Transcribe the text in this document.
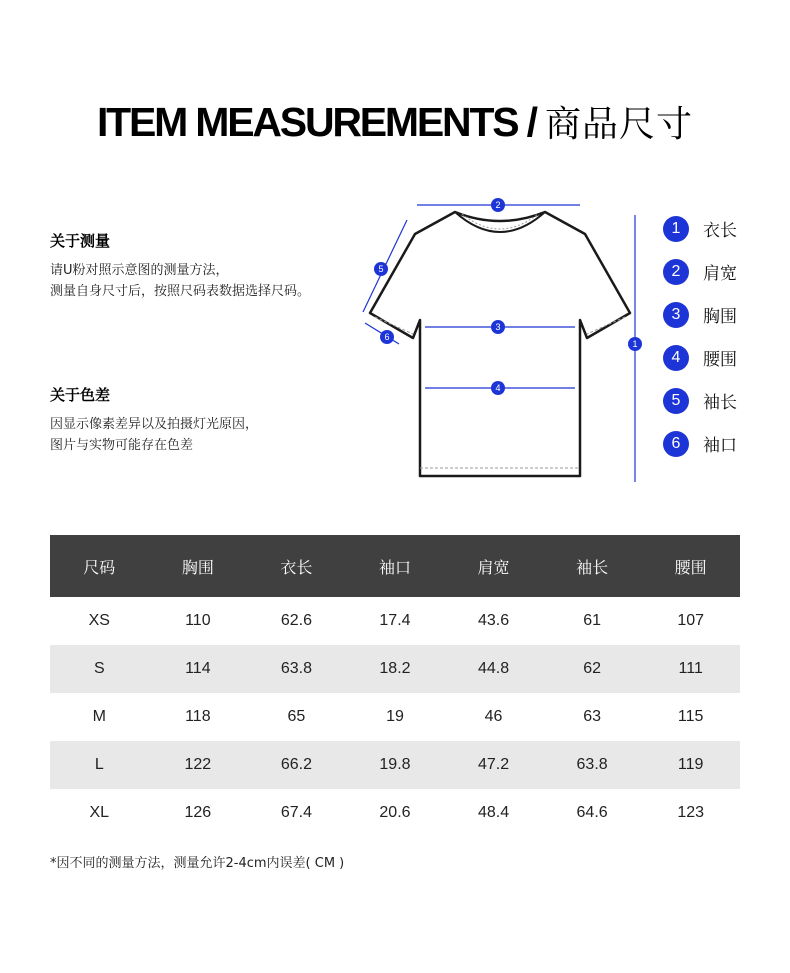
ITEM MEASUREMENTS / 商品尺寸
关于测量

请U粉对照示意图的测量方法，
测量自身尺寸后，按照尺码表数据选择尺码。

关于色差

因显示像素差异以及拍摄灯光原因，
图片与实物可能存在色差

2
3
4
1
5
6
1	衣长
2	肩宽
3	胸围
4	腰围
5	袖长
6	袖口
尺码	胸围	衣长	袖口	肩宽	袖长	腰围
XS	110	62.6	17.4	43.6	61	107
S	114	63.8	18.2	44.8	62	111
M	118	65	19	46	63	115
L	122	66.2	19.8	47.2	63.8	119
XL	126	67.4	20.6	48.4	64.6	123
*因不同的测量方法，测量允许2-4cm内误差( CM )
